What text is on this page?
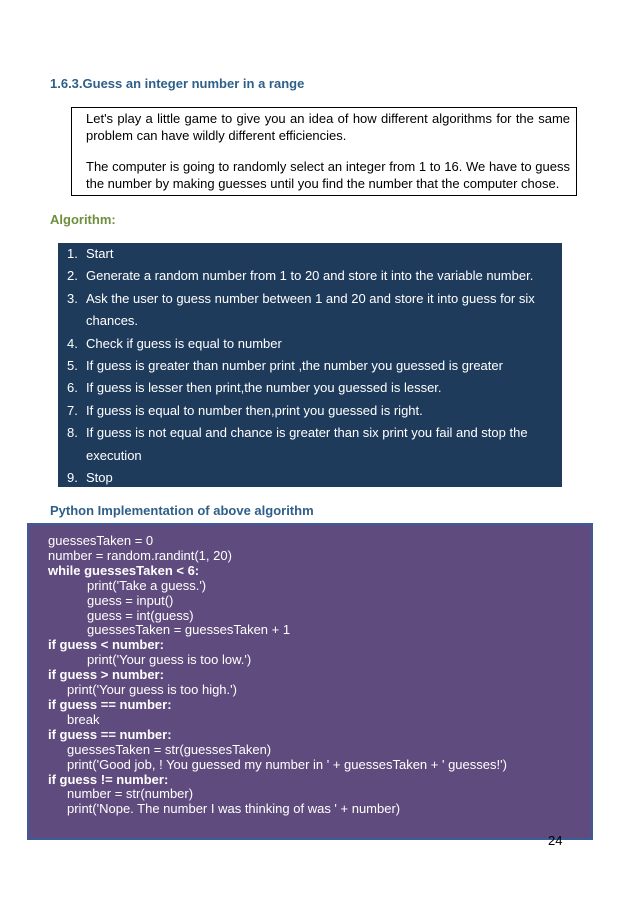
1.6.3.Guess an integer number in a range

Let's play a little game to give you an idea of how different algorithms for the same problem can have wildly different efficiencies.

The computer is going to randomly select an integer from 1 to 16. We have to guess the number by making guesses until you find the number that the computer chose.

Algorithm:
1. Start
2. Generate a random number from 1 to 20 and store it into the variable number.
3. Ask the user to guess number between 1 and 20 and store it into guess for six chances.
4. Check if guess is equal to number
5. If guess is greater than number print ,the number you guessed is greater
6. If guess is lesser then print,the number you guessed is lesser.
7. If guess is equal to number then,print you guessed is right.
8. If guess is not equal and chance is greater than six print you fail and stop the execution
9. Stop
Python Implementation of above algorithm
guessesTaken = 0
number = random.randint(1, 20)
while guessesTaken < 6:
print('Take a guess.')
guess = input()
guess = int(guess)
guessesTaken = guessesTaken + 1
if guess < number:
print('Your guess is too low.')
if guess > number:
print('Your guess is too high.')
if guess == number:
break
if guess == number:
guessesTaken = str(guessesTaken)
print('Good job, ! You guessed my number in ' + guessesTaken + ' guesses!')
if guess != number:
number = str(number)
print('Nope. The number I was thinking of was ' + number)
24
